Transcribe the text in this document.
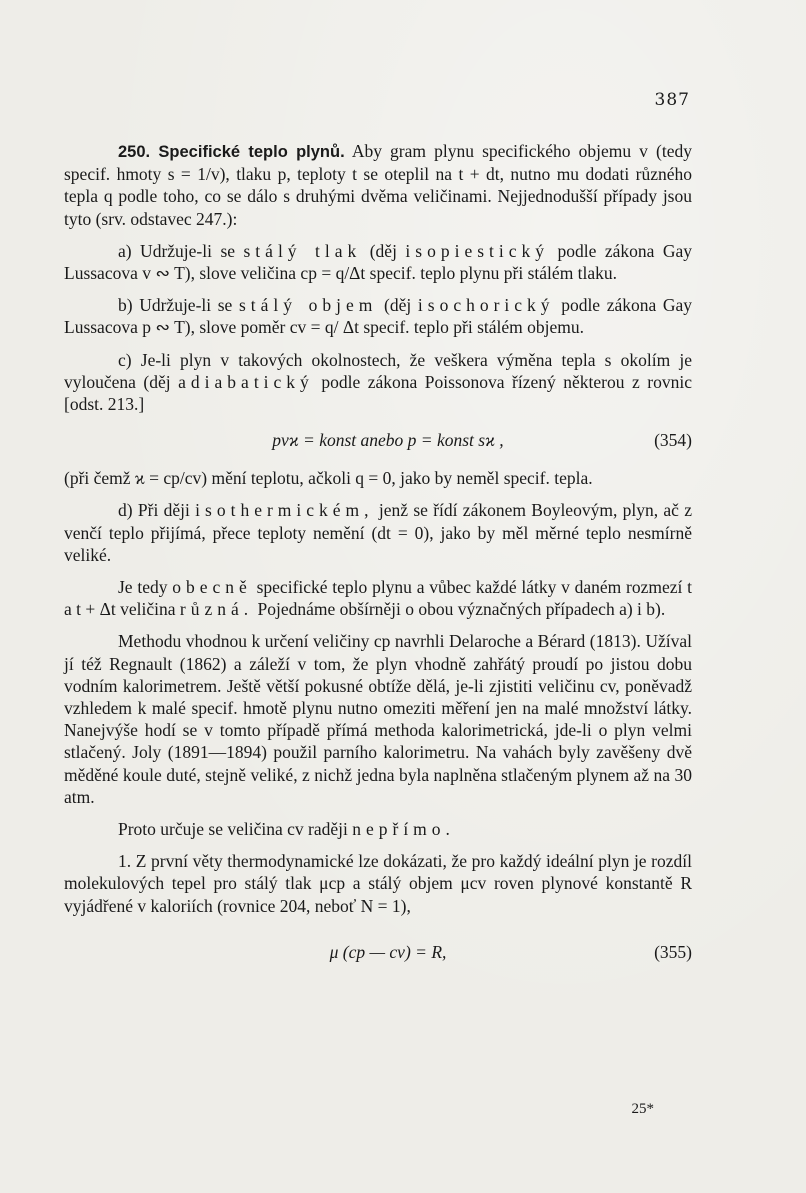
387

250. Specifické teplo plynů. Aby gram plynu specifického objemu v (tedy specif. hmoty s = 1/v), tlaku p, teploty t se oteplil na t + dt, nutno mu dodati různého tepla q podle toho, co se dálo s druhými dvěma veličinami. Nejjednodušší případy jsou tyto (srv. odstavec 247.):

a) Udržuje-li se stálý tlak (děj isopiestický podle zákona Gay Lussacova v ∾ T), slove veličina cp = q/Δt specif. teplo plynu při stálém tlaku.

b) Udržuje-li se stálý objem (děj isochorický podle zákona Gay Lussacova p ∾ T), slove poměr cv = q/ Δt specif. teplo při stálém objemu.

c) Je-li plyn v takových okolnostech, že veškera výměna tepla s okolím je vyloučena (děj adiabatický podle zákona Poissonova řízený některou z rovnic [odst. 213.]

pvϰ = konst anebo p = konst sϰ ,	(354)

(při čemž ϰ = cp/cv) mění teplotu, ačkoli q = 0, jako by neměl specif. tepla.

d) Při ději isothermickém, jenž se řídí zákonem Boyleovým, plyn, ač z venčí teplo přijímá, přece teploty nemění (dt = 0), jako by měl měrné teplo nesmírně veliké.

Je tedy obecně specifické teplo plynu a vůbec každé látky v daném rozmezí t a t + Δt veličina různá. Pojednáme obšírněji o obou význačných případech a) i b).

Methodu vhodnou k určení veličiny cp navrhli Delaroche a Bérard (1813). Užíval jí též Regnault (1862) a záleží v tom, že plyn vhodně zahřátý proudí po jistou dobu vodním kalorimetrem. Ještě větší pokusné obtíže dělá, je-li zjistiti veličinu cv, poněvadž vzhledem k malé specif. hmotě plynu nutno omeziti měření jen na malé množství látky. Nanejvýše hodí se v tomto případě přímá methoda kalorimetrická, jde-li o plyn velmi stlačený. Joly (1891—1894) použil parního kalorimetru. Na vahách byly zavěšeny dvě měděné koule duté, stejně veliké, z nichž jedna byla naplněna stlačeným plynem až na 30 atm.

Proto určuje se veličina cv raději nepřímo.

1. Z první věty thermodynamické lze dokázati, že pro každý ideální plyn je rozdíl molekulových tepel pro stálý tlak μcp a stálý objem μcv roven plynové konstantě R vyjádřené v kaloriích (rovnice 204, neboť N = 1),

μ (cp — cv) = R,	(355)
25*
